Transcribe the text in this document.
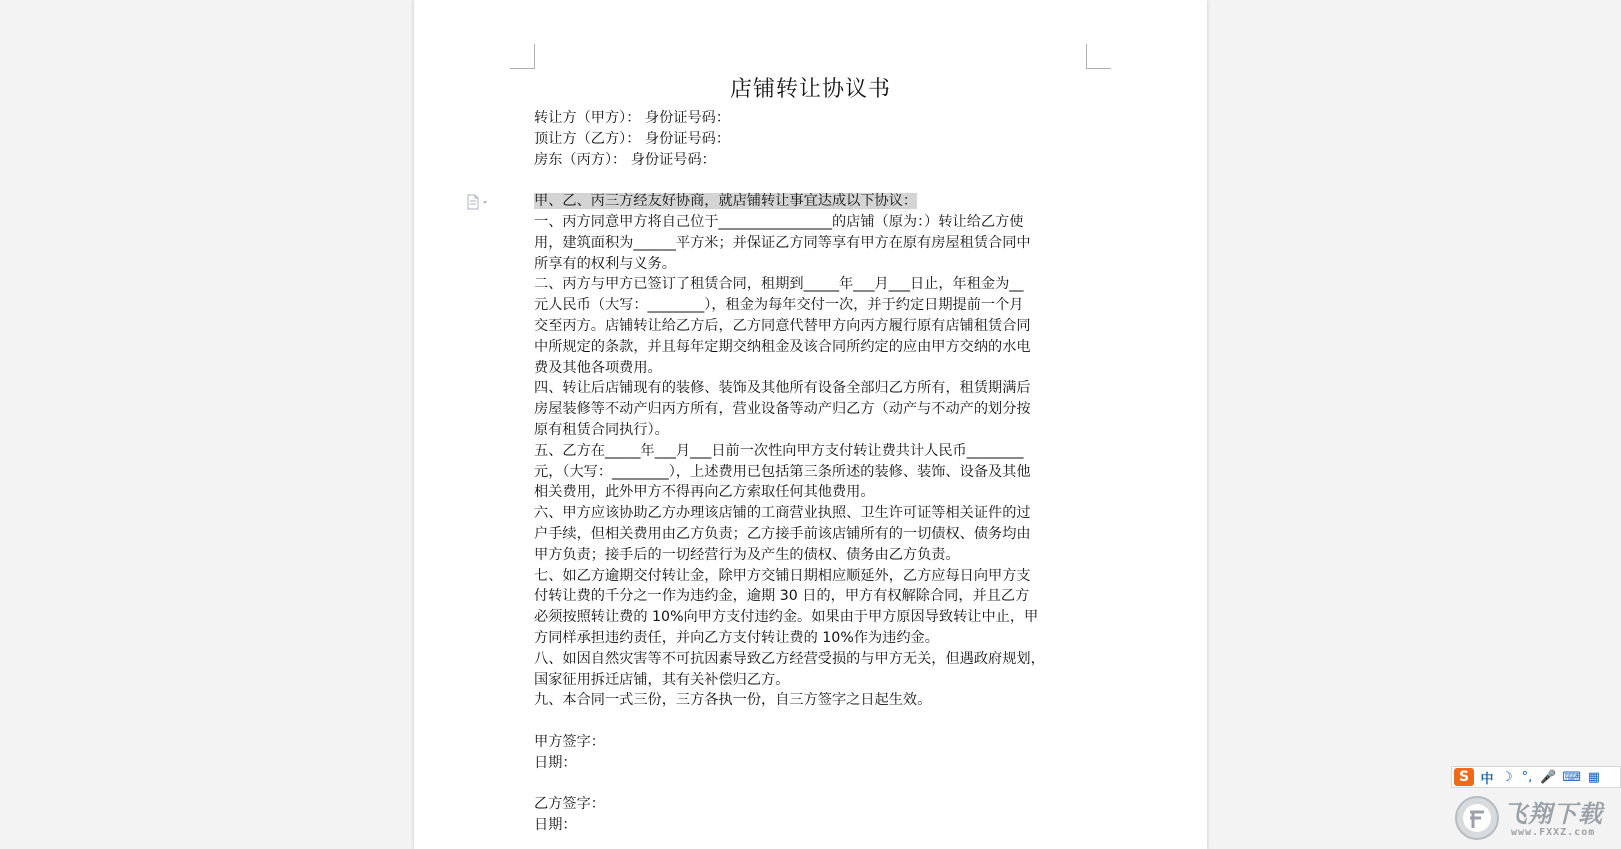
店铺转让协议书
转让方（甲方）： 身份证号码：
顶让方（乙方）： 身份证号码：
房东（丙方）： 身份证号码：
甲、乙、丙三方经友好协商，就店铺转让事宜达成以下协议：
一、丙方同意甲方将自己位于________________的店铺（原为：）转让给乙方使
用，建筑面积为______平方米；并保证乙方同等享有甲方在原有房屋租赁合同中
所享有的权利与义务。
二、丙方与甲方已签订了租赁合同，租期到_____年___月___日止，年租金为__
元人民币（大写：________），租金为每年交付一次，并于约定日期提前一个月
交至丙方。店铺转让给乙方后，乙方同意代替甲方向丙方履行原有店铺租赁合同
中所规定的条款，并且每年定期交纳租金及该合同所约定的应由甲方交纳的水电
费及其他各项费用。
四、转让后店铺现有的装修、装饰及其他所有设备全部归乙方所有，租赁期满后
房屋装修等不动产归丙方所有，营业设备等动产归乙方（动产与不动产的划分按
原有租赁合同执行）。
五、乙方在_____年___月___日前一次性向甲方支付转让费共计人民币________
元，（大写：________），上述费用已包括第三条所述的装修、装饰、设备及其他
相关费用，此外甲方不得再向乙方索取任何其他费用。
六、甲方应该协助乙方办理该店铺的工商营业执照、卫生许可证等相关证件的过
户手续，但相关费用由乙方负责；乙方接手前该店铺所有的一切债权、债务均由
甲方负责；接手后的一切经营行为及产生的债权、债务由乙方负责。
七、如乙方逾期交付转让金，除甲方交铺日期相应顺延外，乙方应每日向甲方支
付转让费的千分之一作为违约金，逾期 30 日的，甲方有权解除合同，并且乙方
必须按照转让费的 10%向甲方支付违约金。如果由于甲方原因导致转让中止，甲
方同样承担违约责任，并向乙方支付转让费的 10%作为违约金。
八、如因自然灾害等不可抗因素导致乙方经营受损的与甲方无关，但遇政府规划，
国家征用拆迁店铺，其有关补偿归乙方。
九、本合同一式三份，三方各执一份，自三方签字之日起生效。
甲方签字：
日期：
乙方签字：
日期：
S 中 ☽ °, 🎤 ⌨ ▦
飞翔下载
www.FXXZ.com
